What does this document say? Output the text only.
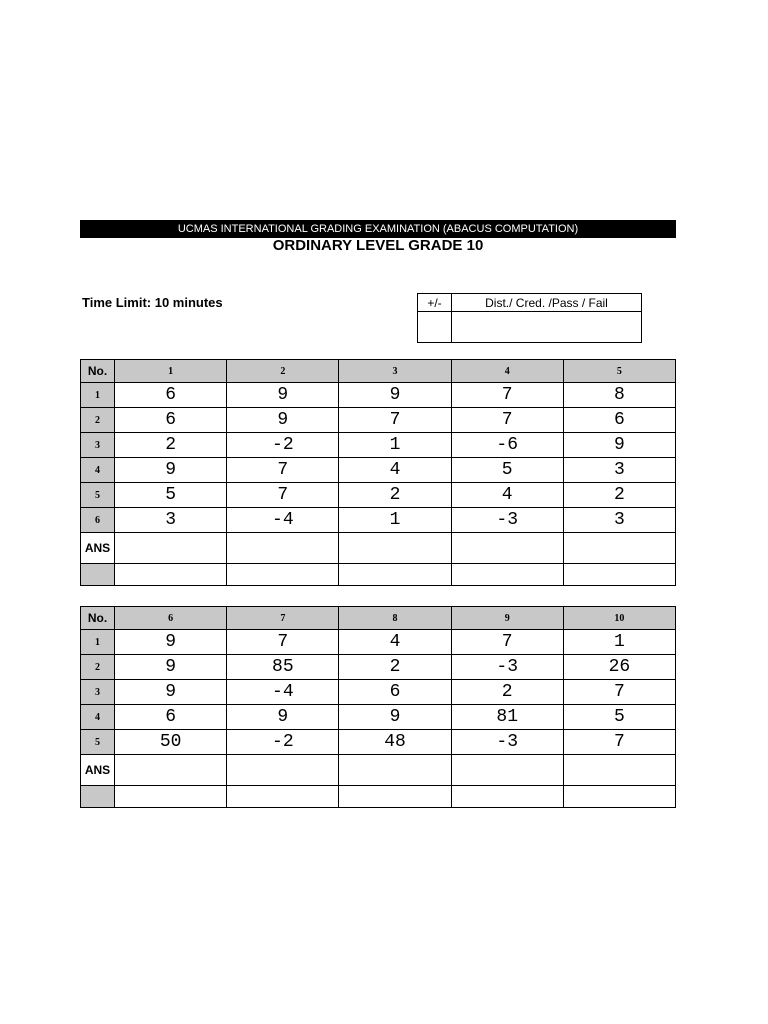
UCMAS INTERNATIONAL GRADING EXAMINATION (ABACUS COMPUTATION)
ORDINARY LEVEL GRADE 10
Time Limit: 10 minutes	+/-	Dist./ Cred. /Pass / Fail

No.	1	2	3	4	5
1	6	9	9	7	8
2	6	9	7	7	6
3	2	-2	1	-6	9
4	9	7	4	5	3
5	5	7	2	4	2
6	3	-4	1	-3	3
ANS					

No.	6	7	8	9	10
1	9	7	4	7	1
2	9	85	2	-3	26
3	9	-4	6	2	7
4	6	9	9	81	5
5	50	-2	48	-3	7
ANS					
